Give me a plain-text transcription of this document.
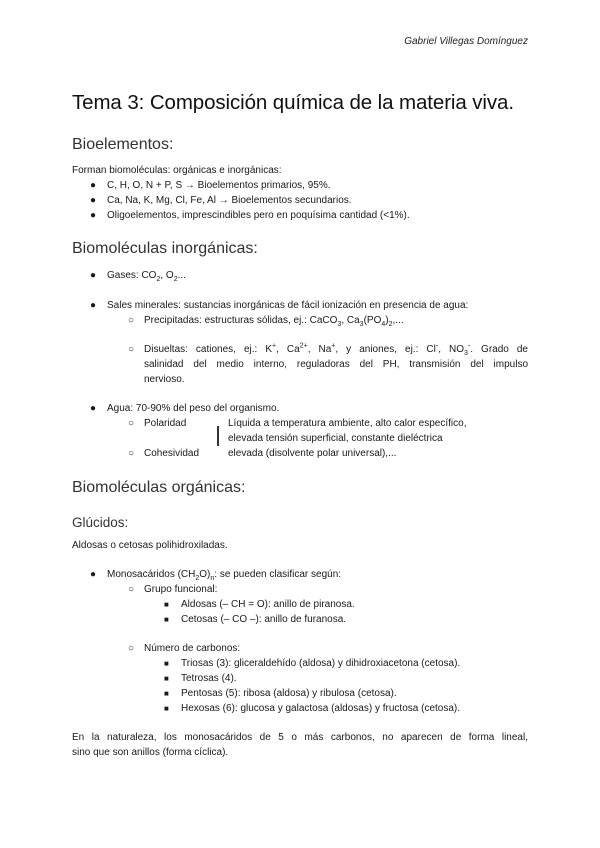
Gabriel Villegas Domínguez
Tema 3: Composición química de la materia viva.
Bioelementos:
Forman biomoléculas: orgánicas e inorgánicas:
● C, H, O, N + P, S → Bioelementos primarios, 95%.
● Ca, Na, K, Mg, Cl, Fe, Al → Bioelementos secundarios.
● Oligoelementos, imprescindibles pero en poquísima cantidad (<1%).
Biomoléculas inorgánicas:
● Gases: $CO_2$, $O_2$...
● Sales minerales: sustancias inorgánicas de fácil ionización en presencia de agua:
○ Precipitadas: estructuras sólidas, ej.: CaCO$_3$, $Ca_3(PO_4)_2$,...
○ Disueltas: cationes, ej.: K+, $Ca^{2+}$, Na+, y aniones, ej.: Cl-, $NO_3^-$. Grado de
salinidad del medio interno, reguladoras del PH, transmisión del impulso
nervioso.
● Agua: 70-90% del peso del organismo.
○ Polaridad
○ Cohesividad
Líquida a temperatura ambiente, alto calor específico,
elevada tensión superficial, constante dieléctrica
elevada (disolvente polar universal),...
Biomoléculas orgánicas:
Glúcidos:
Aldosas o cetosas polihidroxiladas.
● Monosacáridos $(CH_2O)_n$: se pueden clasificar según:
○ Grupo funcional:
■ Aldosas (– CH = O): anillo de piranosa.
■ Cetosas (– CO –): anillo de furanosa.
○ Número de carbonos:
■ Triosas (3): gliceraldehído (aldosa) y dihidroxiacetona (cetosa).
■ Tetrosas (4).
■ Pentosas (5): ribosa (aldosa) y ribulosa (cetosa).
■ Hexosas (6): glucosa y galactosa (aldosas) y fructosa (cetosa).
En la naturaleza, los monosacáridos de 5 o más carbonos, no aparecen de forma lineal,
sino que son anillos (forma cíclica).
